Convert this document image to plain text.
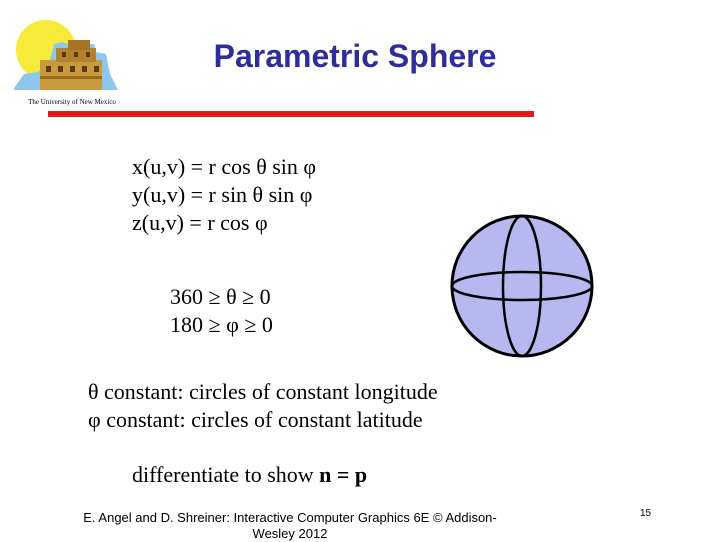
The University of New Mexico
Parametric Sphere
x(u,v) = r cos θ sin φ
y(u,v) = r sin θ sin φ
z(u,v) = r cos φ
360 ≥ θ ≥ 0
180 ≥ φ ≥ 0
θ constant: circles of constant longitude
φ constant: circles of constant latitude
differentiate to show n = p
E. Angel and D. Shreiner: Interactive Computer Graphics 6E © Addison-
Wesley 2012
15
